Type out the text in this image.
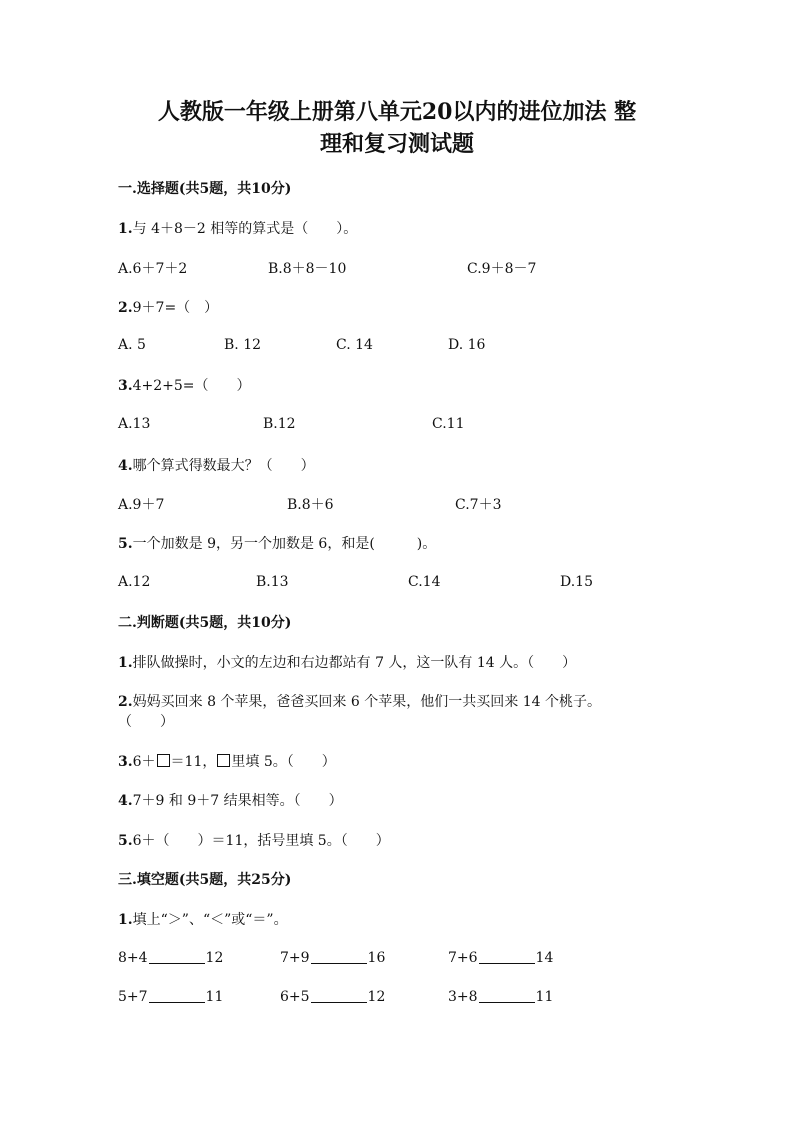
人教版一年级上册第八单元20以内的进位加法 整
理和复习测试题
一.选择题(共5题，共10分)
1.与 4＋8－2 相等的算式是（　　）。
A.6＋7＋2	B.8＋8－10	C.9＋8－7
2.9＋7=（　）
A. 5	B. 12	C. 14	D. 16
3.4+2+5=（　　）
A.13	B.12	C.11
4.哪个算式得数最大？（　　）
A.9＋7	B.8＋6	C.7＋3
5.一个加数是 9，另一个加数是 6，和是(　　　)。
A.12	B.13	C.14	D.15
二.判断题(共5题，共10分)
1.排队做操时，小文的左边和右边都站有 7 人，这一队有 14 人。（　　）
2.妈妈买回来 8 个苹果，爸爸买回来 6 个苹果，他们一共买回来 14 个桃子。
（　　）
3.6＋ ＝11， 里填 5。（　　）
4.7＋9 和 9＋7 结果相等。（　　）
5.6＋（　　）＝11，括号里填 5。（　　）
三.填空题(共5题，共25分)
1.填上“＞”、“＜”或“＝”。
8+4	12	7+9	16	7+6	14
5+7	11	6+5	12	3+8	11
